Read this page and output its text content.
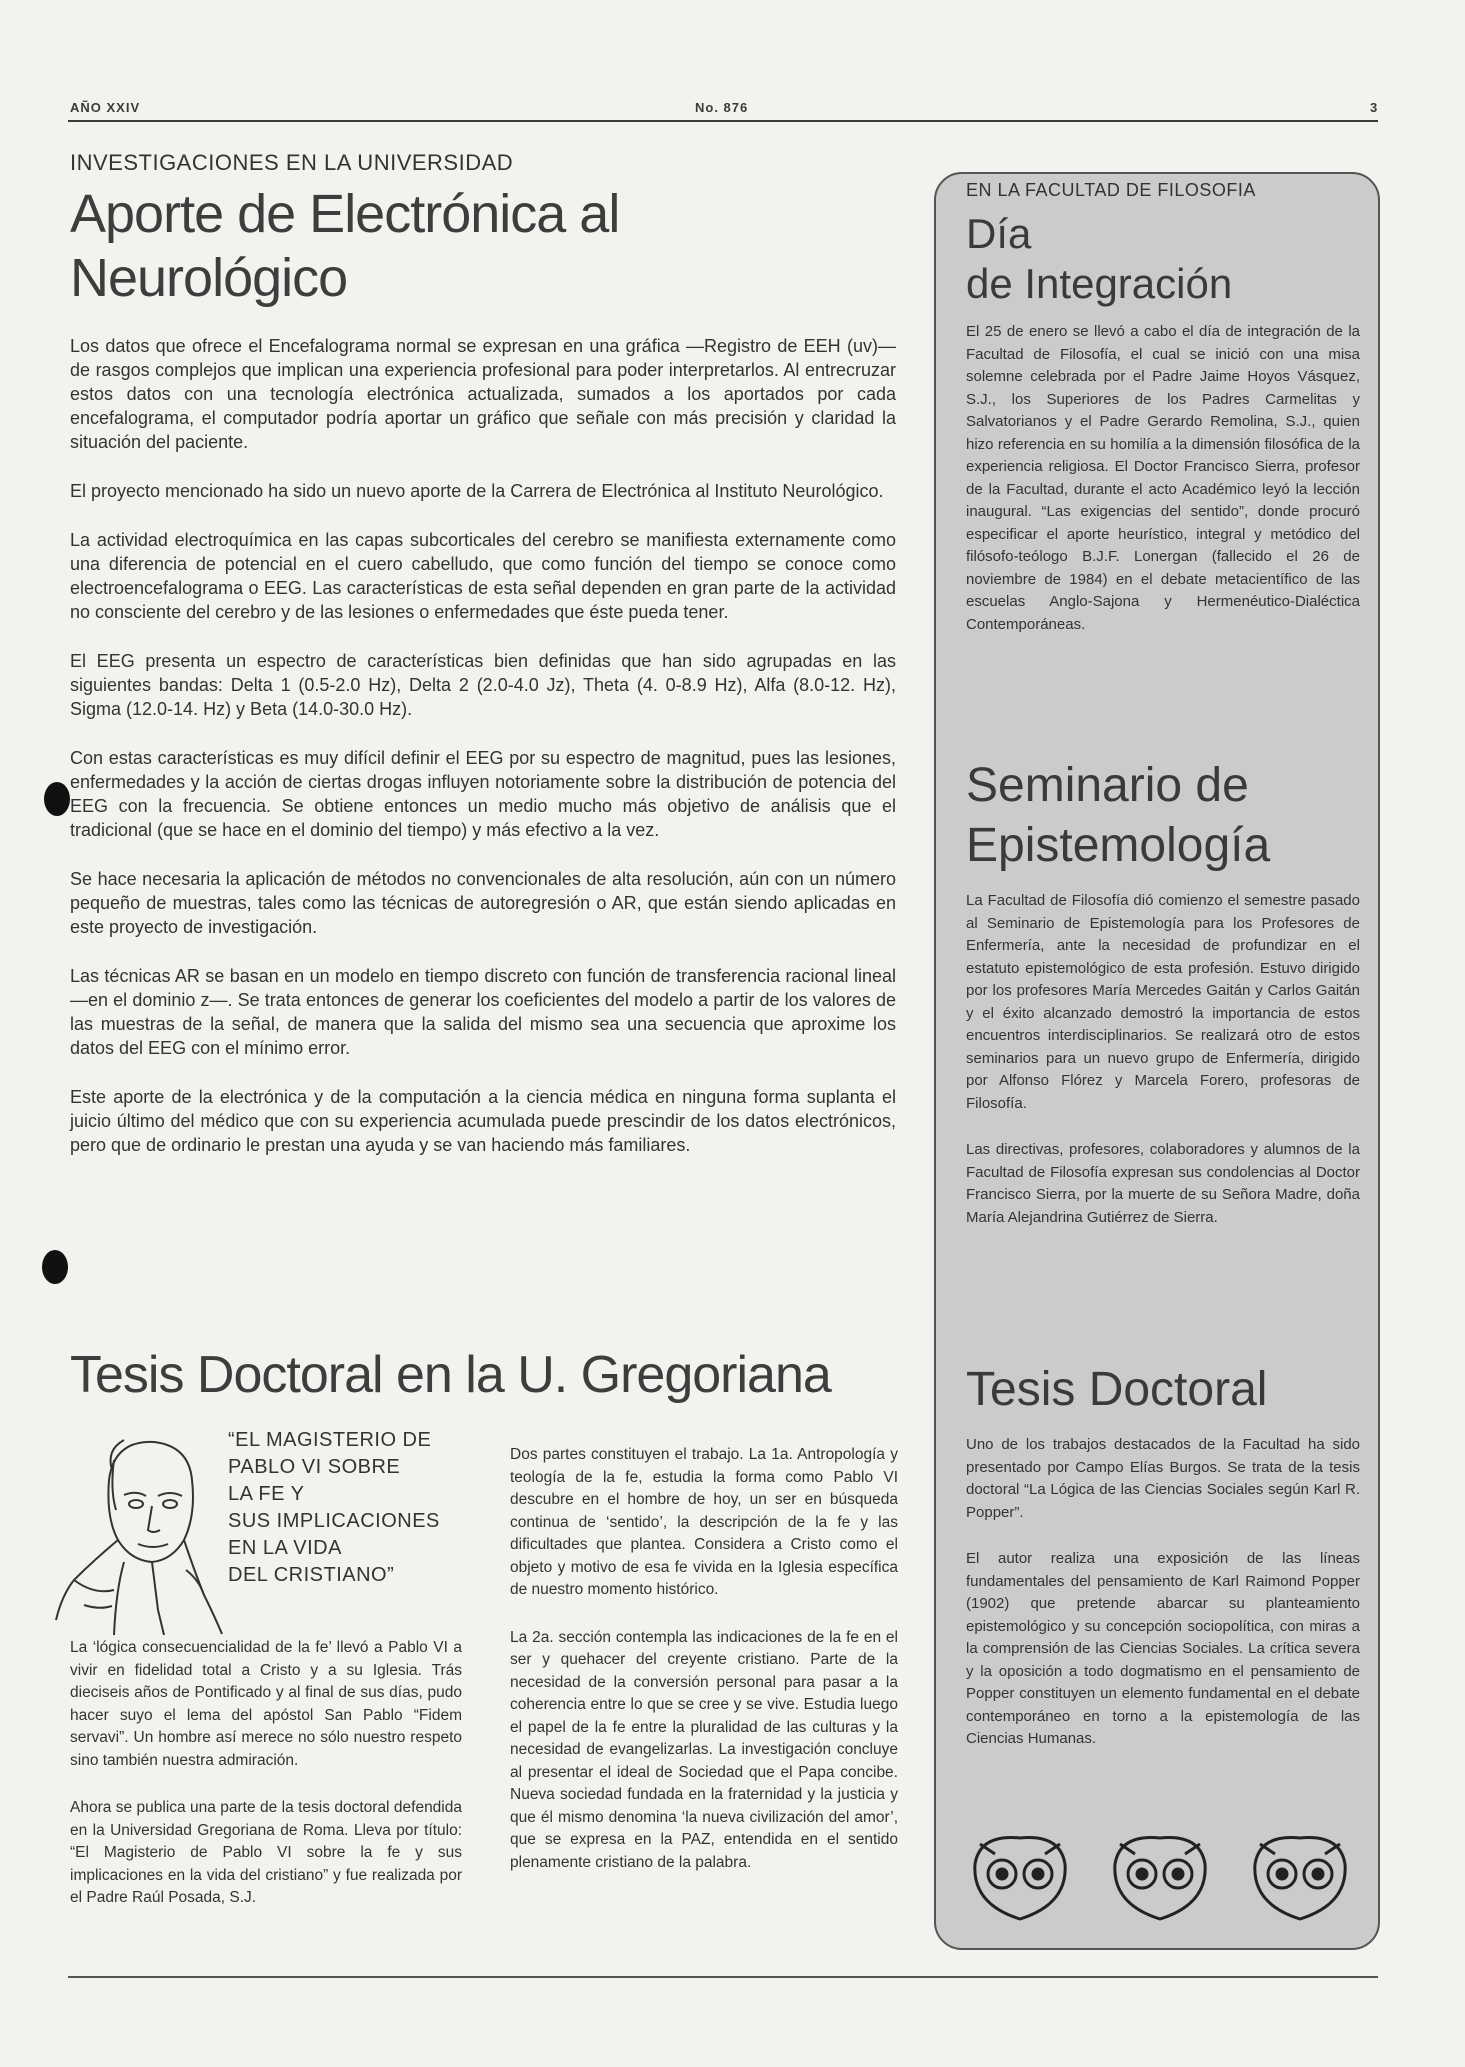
AÑO XXIV	No. 876	3
INVESTIGACIONES EN LA UNIVERSIDAD
Aporte de Electrónica al Neurológico

Los datos que ofrece el Encefalograma normal se expresan en una gráfica —Registro de EEH (uv)— de rasgos complejos que implican una experiencia profesional para poder interpretarlos. Al entrecruzar estos datos con una tecnología electrónica actualizada, sumados a los aportados por cada encefalograma, el computador podría aportar un gráfico que señale con más precisión y claridad la situación del paciente.

El proyecto mencionado ha sido un nuevo aporte de la Carrera de Electrónica al Instituto Neurológico.

La actividad electroquímica en las capas subcorticales del cerebro se manifiesta externamente como una diferencia de potencial en el cuero cabelludo, que como función del tiempo se conoce como electroencefalograma o EEG. Las características de esta señal dependen en gran parte de la actividad no consciente del cerebro y de las lesiones o enfermedades que éste pueda tener.

El EEG presenta un espectro de características bien definidas que han sido agrupadas en las siguientes bandas: Delta 1 (0.5-2.0 Hz), Delta 2 (2.0-4.0 Jz), Theta (4. 0-8.9 Hz), Alfa (8.0-12. Hz), Sigma (12.0-14. Hz) y Beta (14.0-30.0 Hz).

Con estas características es muy difícil definir el EEG por su espectro de magnitud, pues las lesiones, enfermedades y la acción de ciertas drogas influyen notoriamente sobre la distribución de potencia del EEG con la frecuencia. Se obtiene entonces un medio mucho más objetivo de análisis que el tradicional (que se hace en el dominio del tiempo) y más efectivo a la vez.

Se hace necesaria la aplicación de métodos no convencionales de alta resolución, aún con un número pequeño de muestras, tales como las técnicas de autoregresión o AR, que están siendo aplicadas en este proyecto de investigación.

Las técnicas AR se basan en un modelo en tiempo discreto con función de transferencia racional lineal —en el dominio z—. Se trata entonces de generar los coeficientes del modelo a partir de los valores de las muestras de la señal, de manera que la salida del mismo sea una secuencia que aproxime los datos del EEG con el mínimo error.

Este aporte de la electrónica y de la computación a la ciencia médica en ninguna forma suplanta el juicio último del médico que con su experiencia acumulada puede prescindir de los datos electrónicos, pero que de ordinario le prestan una ayuda y se van haciendo más familiares.

Tesis Doctoral en la U. Gregoriana
“EL MAGISTERIO DE
PABLO VI SOBRE
LA FE Y
SUS IMPLICACIONES
EN LA VIDA
DEL CRISTIANO”

La ‘lógica consecuencialidad de la fe’ llevó a Pablo VI a vivir en fidelidad total a Cristo y a su Iglesia. Trás dieciseis años de Pontificado y al final de sus días, pudo hacer suyo el lema del apóstol San Pablo “Fidem servavi”. Un hombre así merece no sólo nuestro respeto sino también nuestra admiración.

Ahora se publica una parte de la tesis doctoral defendida en la Universidad Gregoriana de Roma. Lleva por título: “El Magisterio de Pablo VI sobre la fe y sus implicaciones en la vida del cristiano” y fue realizada por el Padre Raúl Posada, S.J.

Dos partes constituyen el trabajo. La 1a. Antropología y teología de la fe, estudia la forma como Pablo VI descubre en el hombre de hoy, un ser en búsqueda continua de ‘sentido’, la descripción de la fe y las dificultades que plantea. Considera a Cristo como el objeto y motivo de esa fe vivida en la Iglesia específica de nuestro momento histórico.

La 2a. sección contempla las indicaciones de la fe en el ser y quehacer del creyente cristiano. Parte de la necesidad de la conversión personal para pasar a la coherencia entre lo que se cree y se vive. Estudia luego el papel de la fe entre la pluralidad de las culturas y la necesidad de evangelizarlas. La investigación concluye al presentar el ideal de Sociedad que el Papa concibe. Nueva sociedad fundada en la fraternidad y la justicia y que él mismo denomina ‘la nueva civilización del amor’, que se expresa en la PAZ, entendida en el sentido plenamente cristiano de la palabra.

EN LA FACULTAD DE FILOSOFIA
Día
de Integración

El 25 de enero se llevó a cabo el día de integración de la Facultad de Filosofía, el cual se inició con una misa solemne celebrada por el Padre Jaime Hoyos Vásquez, S.J., los Superiores de los Padres Carmelitas y Salvatorianos y el Padre Gerardo Remolina, S.J., quien hizo referencia en su homilía a la dimensión filosófica de la experiencia religiosa. El Doctor Francisco Sierra, profesor de la Facultad, durante el acto Académico leyó la lección inaugural. “Las exigencias del sentido”, donde procuró especificar el aporte heurístico, integral y metódico del filósofo-teólogo B.J.F. Lonergan (fallecido el 26 de noviembre de 1984) en el debate metacientífico de las escuelas Anglo-Sajona y Hermenéutico-Dialéctica Contemporáneas.

Seminario de
Epistemología

La Facultad de Filosofía dió comienzo el semestre pasado al Seminario de Epistemología para los Profesores de Enfermería, ante la necesidad de profundizar en el estatuto epistemológico de esta profesión. Estuvo dirigido por los profesores María Mercedes Gaitán y Carlos Gaitán y el éxito alcanzado demostró la importancia de estos encuentros interdisciplinarios. Se realizará otro de estos seminarios para un nuevo grupo de Enfermería, dirigido por Alfonso Flórez y Marcela Forero, profesoras de Filosofía.

Las directivas, profesores, colaboradores y alumnos de la Facultad de Filosofía expresan sus condolencias al Doctor Francisco Sierra, por la muerte de su Señora Madre, doña María Alejandrina Gutiérrez de Sierra.

Tesis Doctoral

Uno de los trabajos destacados de la Facultad ha sido presentado por Campo Elías Burgos. Se trata de la tesis doctoral “La Lógica de las Ciencias Sociales según Karl R. Popper”.

El autor realiza una exposición de las líneas fundamentales del pensamiento de Karl Raimond Popper (1902) que pretende abarcar su planteamiento epistemológico y su concepción sociopolítica, con miras a la comprensión de las Ciencias Sociales. La crítica severa y la oposición a todo dogmatismo en el pensamiento de Popper constituyen un elemento fundamental en el debate contemporáneo en torno a la epistemología de las Ciencias Humanas.
